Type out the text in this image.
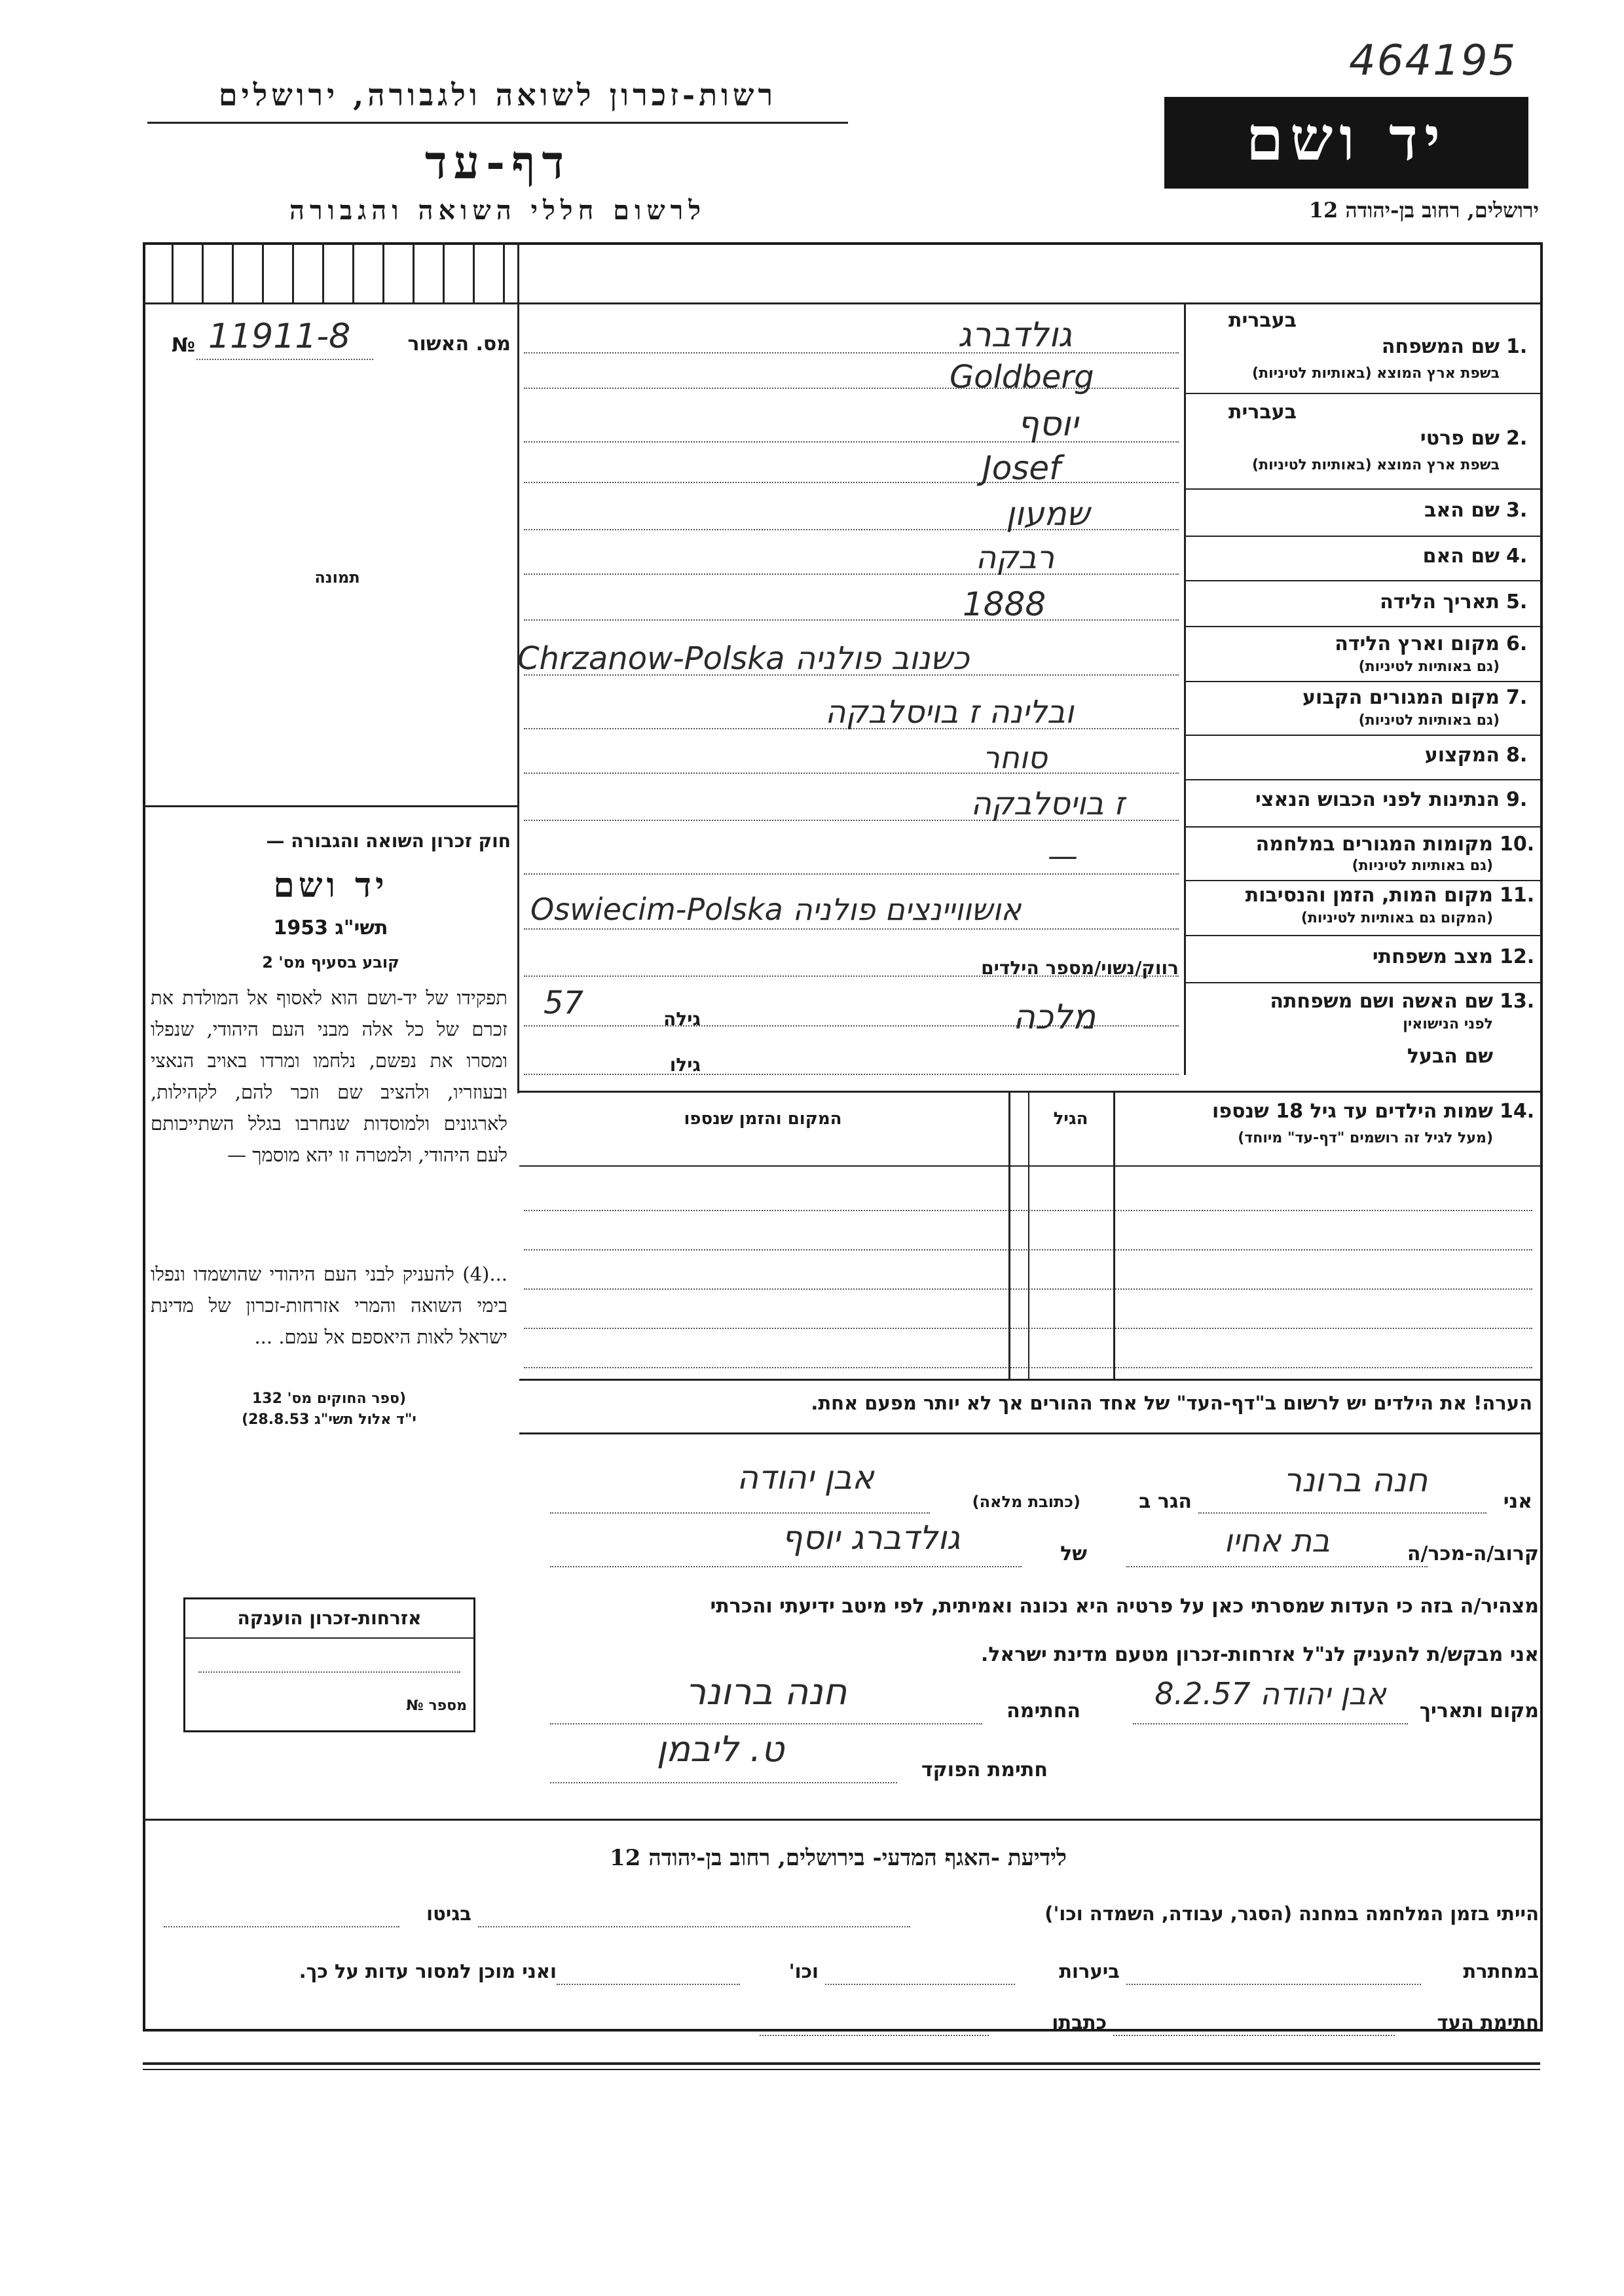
רשות-זכרון לשואה ולגבורה, ירושלים
דף-עד
לרשום חללי השואה והגבורה
יד ושם
464195
ירושלים, רחוב בן-יהודה 12
מס. האשור
11911-8
№
תמונה
בעברית
1.
שם המשפחה
בשפת ארץ המוצא (באותיות לטיניות)
בעברית
2.
שם פרטי
בשפת ארץ המוצא (באותיות לטיניות)
3.
שם האב
4.
שם האם
5.
תאריך הלידה
6.
מקום וארץ הלידה
(גם באותיות לטיניות)
7.
מקום המגורים הקבוע
(גם באותיות לטיניות)
8.
המקצוע
9.
הנתינות לפני הכבוש הנאצי
10.
מקומות המגורים במלחמה
(גם באותיות לטיניות)
11.
מקום המות, הזמן והנסיבות
(המקום גם באותיות לטיניות)
12.
מצב משפחתי
13.
שם האשה ושם משפחתה
לפני הנישואין
שם הבעל
גולדברג
Goldberg
יוסף
Josef
שמעון
רבקה
1888
Chrzanow-Polska כשנוב פולניה
ובלינה ז בויסלבקה
סוחר
ז בויסלבקה
—
Oswiecim-Polska אושוויינצים פולניה
רווק/נשוי/מספר הילדים
גילה
57	מלכה
גילו
14.
שמות הילדים עד גיל 18 שנספו
(מעל לגיל זה רושמים "דף-עד" מיוחד)
הגיל
המקום והזמן שנספו
הערה! את הילדים יש לרשום ב"דף-העד" של אחד ההורים אך לא יותר מפעם אחת.
חוק זכרון השואה והגבורה —
יד ושם
תשי"ג 1953
קובע בסעיף מס' 2
תפקידו של יד-ושם הוא לאסוף אל המולדת את זכרם של כל אלה מבני העם היהודי, שנפלו ומסרו את נפשם, נלחמו ומרדו באויב הנאצי ובעוזריו, ולהציב שם וזכר להם, לקהילות, לארגונים ולמוסדות שנחרבו בגלל השתייכותם לעם היהודי, ולמטרה זו יהא מוסמך —
...(4) להעניק לבני העם היהודי שהושמדו ונפלו בימי השואה והמרי אזרחות-זכרון של מדינת ישראל לאות היאספם אל עמם. ...
(ספר החוקים מס' 132
י"ד אלול תשי"ג 28.8.53)
אני
חנה ברונר
הגר ב
(כתובת מלאה)
אבן יהודה
קרוב/ה-מכר/ה
בת אחיו
של
גולדברג יוסף
מצהיר/ה בזה כי העדות שמסרתי כאן על פרטיה היא נכונה ואמיתית, לפי מיטב ידיעתי והכרתי
אני מבקש/ת להעניק לנ"ל אזרחות-זכרון מטעם מדינת ישראל.
מקום ותאריך
אבן יהודה 8.2.57
החתימה
חנה ברונר
חתימת הפוקד
ט. ליבמן
אזרחות-זכרון הוענקה
מספר №
לידיעת -האגף המדעי- בירושלים, רחוב בן-יהודה 12
הייתי בזמן המלחמה במחנה (הסגר, עבודה, השמדה וכו')
בגיטו
במחתרת
ביערות
וכו'
ואני מוכן למסור עדות על כך.
חתימת העד
כתבתו
